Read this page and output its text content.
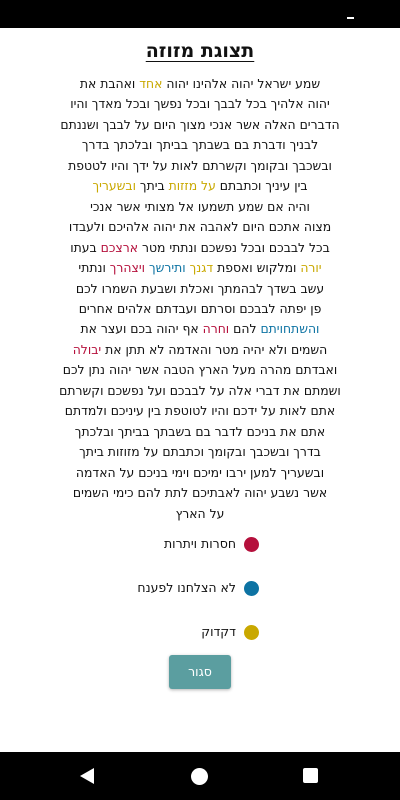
תצוגת מזוזה
שמע ישראל יהוה אלהינו יהוה אחד ואהבת את
יהוה אלהיך בכל לבבך ובכל נפשך ובכל מאדך והיו
הדברים האלה אשר אנכי מצוך היום על לבבך ושננתם
לבניך ודברת בם בשבתך בביתך ובלכתך בדרך
ובשכבך ובקומך וקשרתם לאות על ידך והיו לטטפת
בין עיניך וכתבתם על מזזות ביתך ובשעריך
והיה אם שמע תשמעו אל מצותי אשר אנכי
מצוה אתכם היום לאהבה את יהוה אלהיכם ולעבדו
בכל לבבכם ובכל נפשכם ונתתי מטר ארצכם בעתו
יורה ומלקוש ואספת דגנך ותירשך ויצהרך ונתתי
עשב בשדך לבהמתך ואכלת ושבעת השמרו לכם
פן יפתה לבבכם וסרתם ועבדתם אלהים אחרים
והשתחויתם להם וחרה אף יהוה בכם ועצר את
השמים ולא יהיה מטר והאדמה לא תתן את יבולה
ואבדתם מהרה מעל הארץ הטבה אשר יהוה נתן לכם
ושמתם את דברי אלה על לבבכם ועל נפשכם וקשרתם
אתם לאות על ידכם והיו לטוטפת בין עיניכם ולמדתם
אתם את בניכם לדבר בם בשבתך בביתך ובלכתך
בדרך ובשכבך ובקומך וכתבתם על מזוזות ביתך
ובשעריך למען ירבו ימיכם וימי בניכם על האדמה
אשר נשבע יהוה לאבתיכם לתת להם כימי השמים
על הארץ
חסרות ויתרות
לא הצלחנו לפענח
דקדוק
סגור
